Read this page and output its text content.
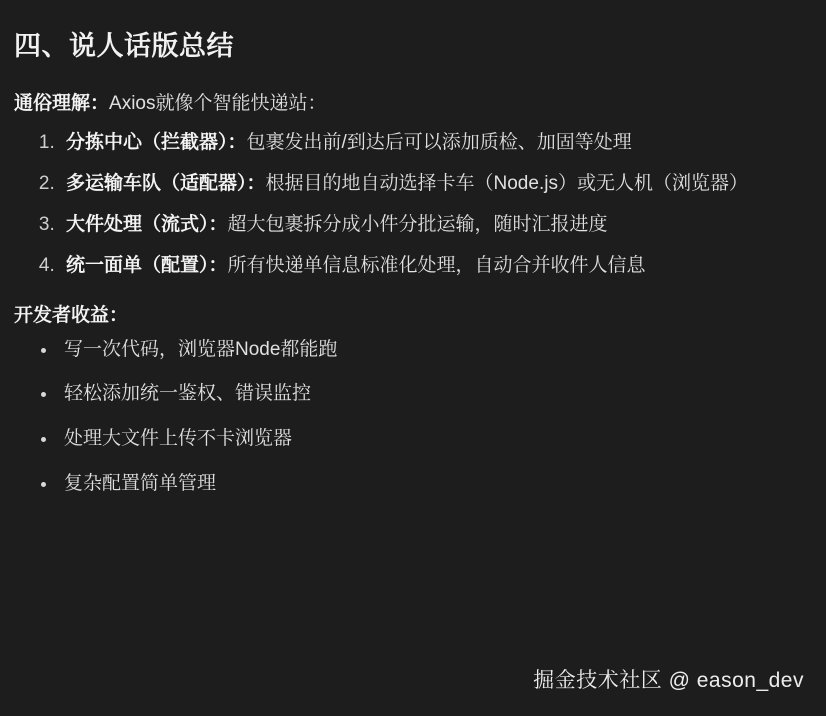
四、说人话版总结

通俗理解：Axios就像个智能快递站：

1. 分拣中心（拦截器）：包裹发出前/到达后可以添加质检、加固等处理
2. 多运输车队（适配器）：根据目的地自动选择卡车（Node.js）或无人机（浏览器）
3. 大件处理（流式）：超大包裹拆分成小件分批运输，随时汇报进度
4. 统一面单（配置）：所有快递单信息标准化处理，自动合并收件人信息

开发者收益：

• 写一次代码，浏览器Node都能跑
• 轻松添加统一鉴权、错误监控
• 处理大文件上传不卡浏览器
• 复杂配置简单管理
掘金技术社区 @ eason_dev
